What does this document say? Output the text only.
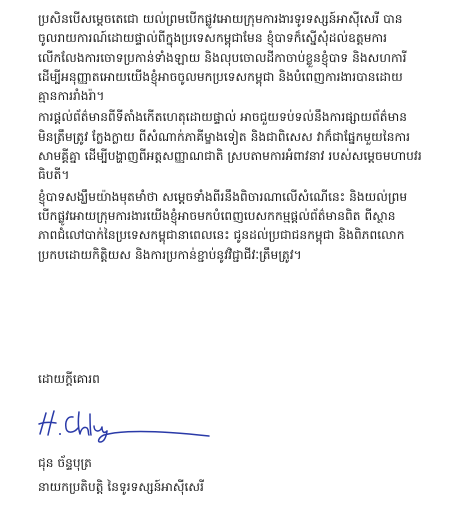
ប្រសិនបើសម្តេចតេជោ យល់ព្រមបើកផ្លូវអោយក្រុមការងារទូរទស្សន៍អាស៊ីសេរី បាន
ចូលរាយការណ៍ដោយផ្ទាល់ពីក្នុងប្រទេសកម្ពុជាមែន ខ្ញុំបាទក៏ស្នើសុំដល់ឧត្តមការ
លើកលែងការចោទប្រកាន់ទាំងឡាយ និងលុបចោលដីកាចាប់ខ្លួនខ្ញុំបាទ និងសហការី
ដើម្បីអនុញ្ញាតអោយយើងខ្ញុំអាចចូលមកប្រទេសកម្ពុជា និងបំពេញការងារបានដោយ
គ្មានការរាំងរ៉ា។

ការផ្តល់ព័ត៌មានពីទីតាំងកើតហេតុដោយផ្ទាល់ អាចជួយទប់ទល់នឹងការផ្សាយព័ត៌មាន
មិនត្រឹមត្រូវ ក្លែងក្លាយ ពីសំណាក់ភាគីម្ខាងទៀត និងជាពិសេស វាក៏ជាផ្នែកមួយនៃការ
សាមគ្គីគ្នា ដើម្បីបង្ហាញពីអត្តសញ្ញាណជាតិ ស្របតាមការអំពាវនាវ របស់សម្តេចមហាបវរ
ធិបតី។

ខ្ញុំបាទសង្ឃឹមយ៉ាងមុតមាំថា សម្តេចទាំងពីរនឹងពិចារណាលើសំណើនេះ និងយល់ព្រម
បើកផ្លូវអោយក្រុមការងារយើងខ្ញុំអាចមកបំពេញបេសកកម្មផ្តល់ព័ត៌មានពិត ពីស្ថាន
ភាពជំលៅបាក់នៃប្រទេសកម្ពុជានាពេលនេះ ជូនដល់ប្រជាជនកម្ពុជា និងពិភពលោក
ប្រកបដោយកិត្តិយស និងការប្រកាន់ខ្ជាប់នូវវិជ្ជាជីវៈត្រឹមត្រូវ។

ដោយក្តីគោរព
ជុន ច័ន្ទបុត្រ
នាយកប្រតិបត្តិ នៃទូរទស្សន៍អាស៊ីសេរី
